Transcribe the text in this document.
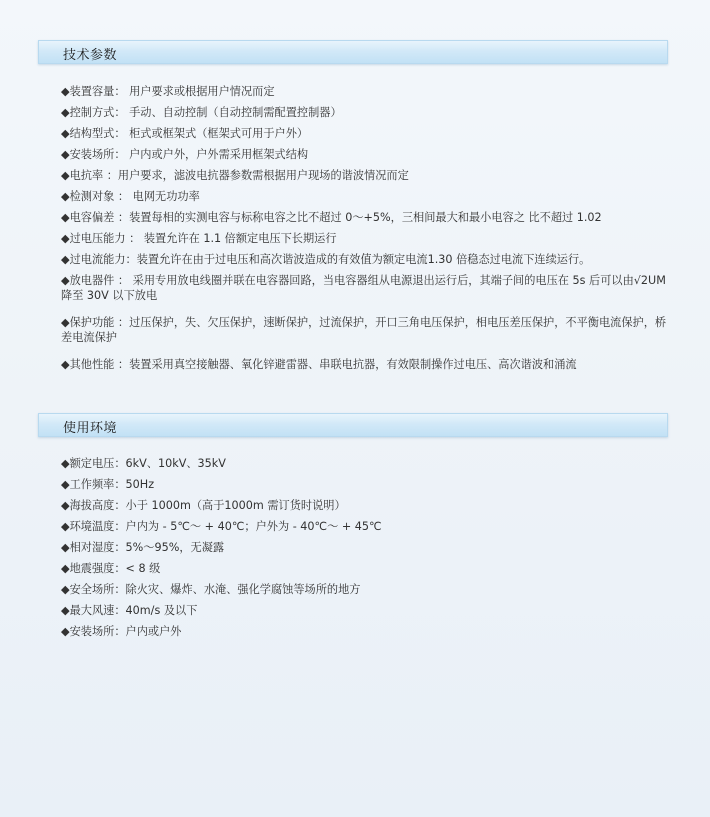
技术参数
◆装置容量： 用户要求或根据用户情况而定
◆控制方式： 手动、自动控制（自动控制需配置控制器）
◆结构型式： 柜式或框架式（框架式可用于户外）
◆安装场所： 户内或户外，户外需采用框架式结构
◆电抗率 ：用户要求，滤波电抗器参数需根据用户现场的谐波情况而定
◆检测对象 ： 电网无功功率
◆电容偏差 ：装置每相的实测电容与标称电容之比不超过 0～+5%，三相间最大和最小电容之 比不超过 1.02
◆过电压能力 ： 装置允许在 1.1 倍额定电压下长期运行
◆过电流能力：装置允许在由于过电压和高次谐波造成的有效值为额定电流1.30 倍稳态过电流下连续运行。
◆放电器件 ： 采用专用放电线圈并联在电容器回路，当电容器组从电源退出运行后，其端子间的电压在 5s 后可以由√2UM 降至 30V 以下放电
◆保护功能 ：过压保护，失、欠压保护，速断保护，过流保护，开口三角电压保护，相电压差压保护，不平衡电流保护，桥差电流保护
◆其他性能 ：装置采用真空接触器、氧化锌避雷器、串联电抗器，有效限制操作过电压、高次谐波和涌流
使用环境
◆额定电压：6kV、10kV、35kV
◆工作频率：50Hz
◆海拔高度：小于 1000m（高于1000m 需订货时说明）
◆环境温度：户内为 - 5℃～ + 40℃；户外为 - 40℃～ + 45℃
◆相对湿度：5%～95%，无凝露
◆地震强度：< 8 级
◆安全场所：除火灾、爆炸、水淹、强化学腐蚀等场所的地方
◆最大风速：40m/s 及以下
◆安装场所：户内或户外
